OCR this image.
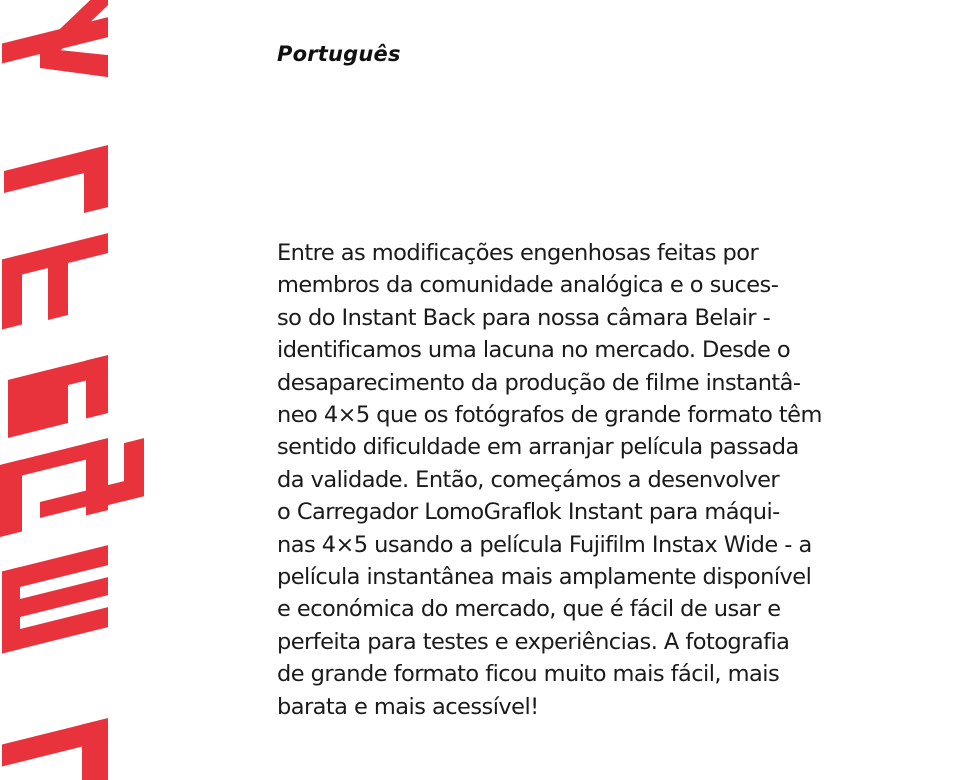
Português

Entre as modificações engenhosas feitas por
membros da comunidade analógica e o suces-
so do Instant Back para nossa câmara Belair -
identificamos uma lacuna no mercado. Desde o
desaparecimento da produção de filme instantâ-
neo 4×5 que os fotógrafos de grande formato têm
sentido dificuldade em arranjar película passada
da validade. Então, começámos a desenvolver
o Carregador LomoGraflok Instant para máqui-
nas 4×5 usando a película Fujifilm Instax Wide - a
película instantânea mais amplamente disponível
e económica do mercado, que é fácil de usar e
perfeita para testes e experiências. A fotografia
de grande formato ficou muito mais fácil, mais
barata e mais acessível!
